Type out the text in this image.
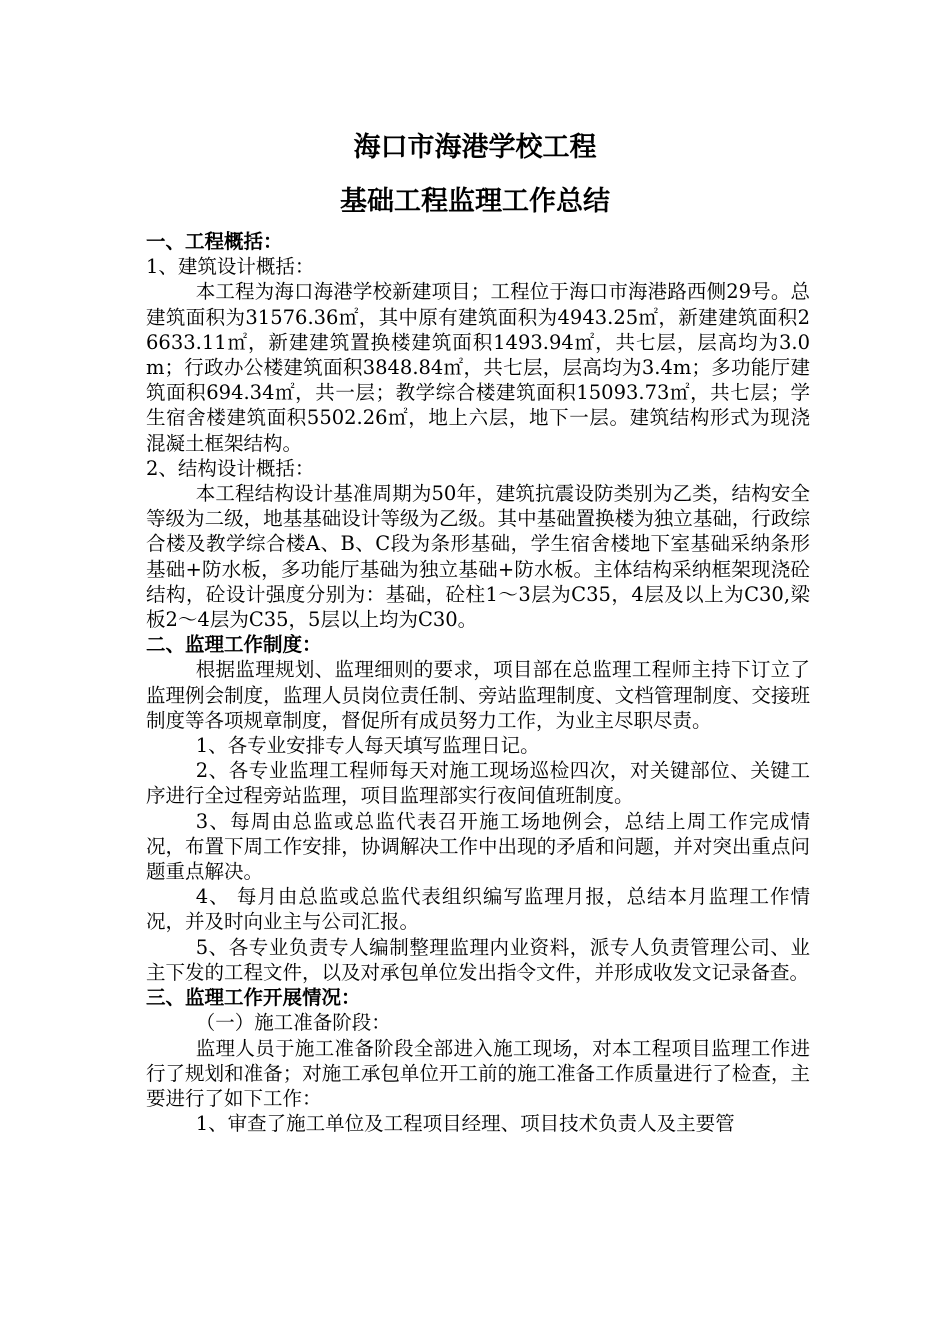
海口市海港学校工程
基础工程监理工作总结

一、工程概括：

1、建筑设计概括：

本工程为海口海港学校新建项目；工程位于海口市海港路西侧29号。总建筑面积为31576.36㎡，其中原有建筑面积为4943.25㎡，新建建筑面积26633.11㎡，新建建筑置换楼建筑面积1493.94㎡，共七层，层高均为3.0m；行政办公楼建筑面积3848.84㎡，共七层，层高均为3.4m；多功能厅建筑面积694.34㎡，共一层；教学综合楼建筑面积15093.73㎡，共七层；学生宿舍楼建筑面积5502.26㎡，地上六层，地下一层。建筑结构形式为现浇混凝土框架结构。

2、结构设计概括：

本工程结构设计基准周期为50年，建筑抗震设防类别为乙类，结构安全等级为二级，地基基础设计等级为乙级。其中基础置换楼为独立基础，行政综合楼及教学综合楼A、B、C段为条形基础，学生宿舍楼地下室基础采纳条形基础+防水板，多功能厅基础为独立基础+防水板。主体结构采纳框架现浇砼结构，砼设计强度分别为：基础，砼柱1～3层为C35，4层及以上为C30,梁板2～4层为C35，5层以上均为C30。

二、监理工作制度：

根据监理规划、监理细则的要求，项目部在总监理工程师主持下订立了监理例会制度，监理人员岗位责任制、旁站监理制度、文档管理制度、交接班制度等各项规章制度，督促所有成员努力工作，为业主尽职尽责。

1、各专业安排专人每天填写监理日记。

2、各专业监理工程师每天对施工现场巡检四次，对关键部位、关键工序进行全过程旁站监理，项目监理部实行夜间值班制度。

3、每周由总监或总监代表召开施工场地例会，总结上周工作完成情况，布置下周工作安排，协调解决工作中出现的矛盾和问题，并对突出重点问题重点解决。

4、 每月由总监或总监代表组织编写监理月报，总结本月监理工作情况，并及时向业主与公司汇报。

5、各专业负责专人编制整理监理内业资料，派专人负责管理公司、业主下发的工程文件，以及对承包单位发出指令文件，并形成收发文记录备查。

三、监理工作开展情况：

（一）施工准备阶段：

监理人员于施工准备阶段全部进入施工现场，对本工程项目监理工作进行了规划和准备；对施工承包单位开工前的施工准备工作质量进行了检查，主要进行了如下工作：

1、审查了施工单位及工程项目经理、项目技术负责人及主要管
